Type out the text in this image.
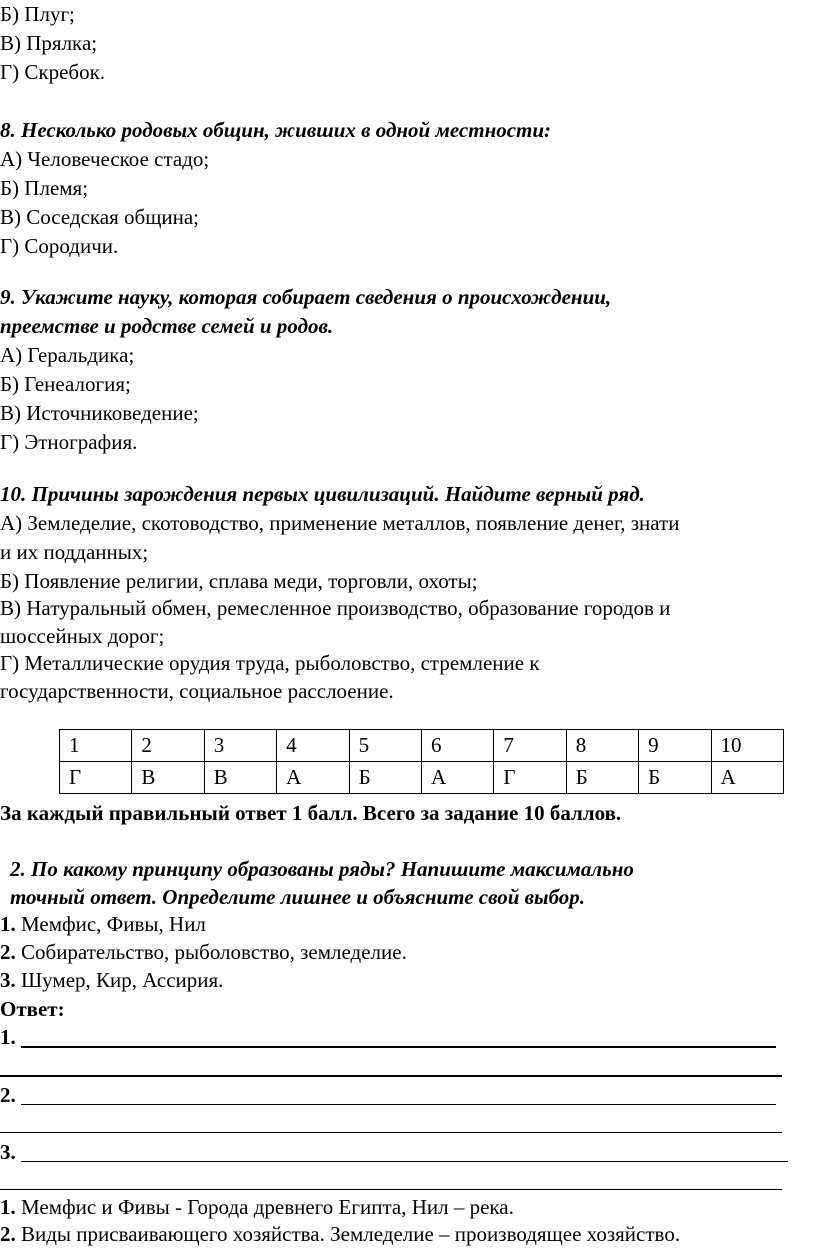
Б) Плуг;
В) Прялка;
Г) Скребок.
8. Несколько родовых общин, живших в одной местности:
А) Человеческое стадо;
Б) Племя;
В) Соседская община;
Г) Сородичи.
9. Укажите науку, которая собирает сведения о происхождении,
преемстве и родстве семей и родов.
А) Геральдика;
Б) Генеалогия;
В) Источниковедение;
Г) Этнография.
10. Причины зарождения первых цивилизаций. Найдите верный ряд.
А) Земледелие, скотоводство, применение металлов, появление денег, знати
и их подданных;
Б) Появление религии, сплава меди, торговли, охоты;
В) Натуральный обмен, ремесленное производство, образование городов и
шоссейных дорог;
Г) Металлические орудия труда, рыболовство, стремление к
государственности, социальное расслоение.
1	2	3	4	5	6	7	8	9	10
Г	В	В	А	Б	А	Г	Б	Б	А
За каждый правильный ответ 1 балл. Всего за задание 10 баллов.
2. По какому принципу образованы ряды? Напишите максимально
точный ответ. Определите лишнее и объясните свой выбор.
1. Мемфис, Фивы, Нил
2. Собирательство, рыболовство, земледелие.
3. Шумер, Кир, Ассирия.
Ответ:
1.
2.
3.
1. Мемфис и Фивы - Города древнего Египта, Нил – река.
2. Виды присваивающего хозяйства. Земледелие – производящее хозяйство.
